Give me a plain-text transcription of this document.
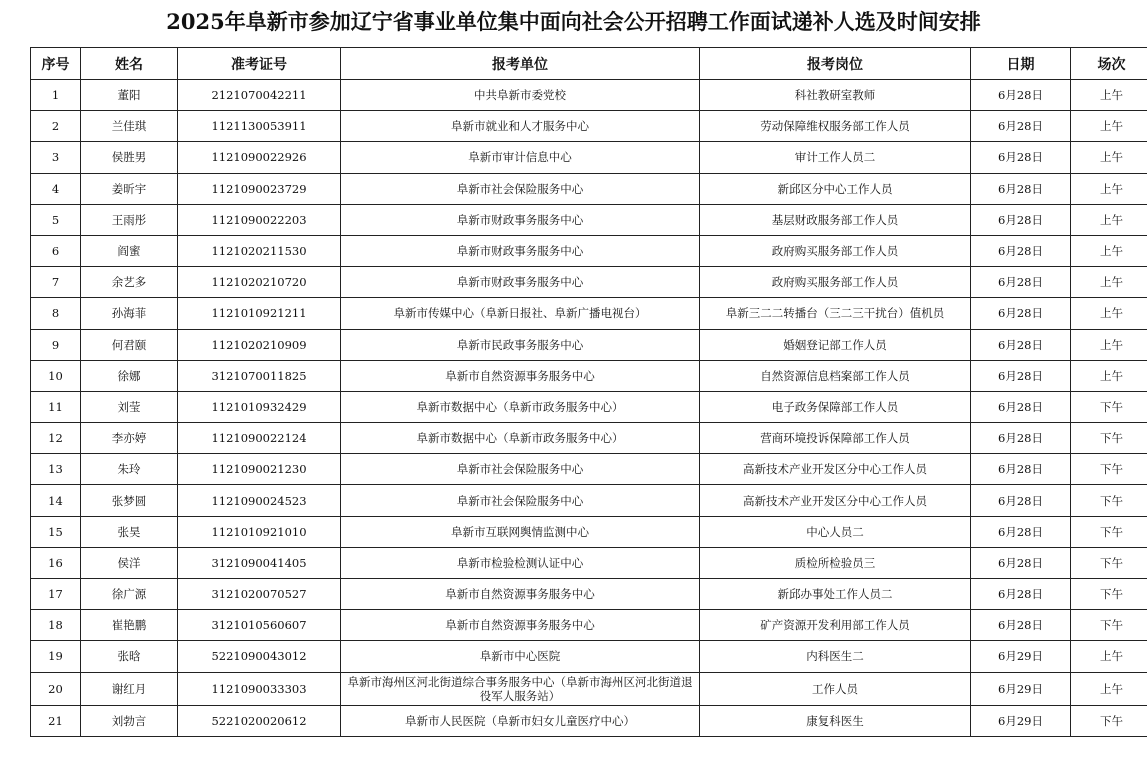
2025年阜新市参加辽宁省事业单位集中面向社会公开招聘工作面试递补人选及时间安排
序号	姓名	准考证号	报考单位	报考岗位	日期	场次
1	董阳	2121070042211	中共阜新市委党校	科社教研室教师	6月28日	上午
2	兰佳琪	1121130053911	阜新市就业和人才服务中心	劳动保障维权服务部工作人员	6月28日	上午
3	侯胜男	1121090022926	阜新市审计信息中心	审计工作人员二	6月28日	上午
4	姜昕宇	1121090023729	阜新市社会保险服务中心	新邱区分中心工作人员	6月28日	上午
5	王雨彤	1121090022203	阜新市财政事务服务中心	基层财政服务部工作人员	6月28日	上午
6	阎蜜	1121020211530	阜新市财政事务服务中心	政府购买服务部工作人员	6月28日	上午
7	余艺多	1121020210720	阜新市财政事务服务中心	政府购买服务部工作人员	6月28日	上午
8	孙海菲	1121010921211	阜新市传媒中心（阜新日报社、阜新广播电视台）	阜新三二二转播台（三二三干扰台）值机员	6月28日	上午
9	何君颐	1121020210909	阜新市民政事务服务中心	婚姻登记部工作人员	6月28日	上午
10	徐娜	3121070011825	阜新市自然资源事务服务中心	自然资源信息档案部工作人员	6月28日	上午
11	刘莹	1121010932429	阜新市数据中心（阜新市政务服务中心）	电子政务保障部工作人员	6月28日	下午
12	李亦婷	1121090022124	阜新市数据中心（阜新市政务服务中心）	营商环境投诉保障部工作人员	6月28日	下午
13	朱玲	1121090021230	阜新市社会保险服务中心	高新技术产业开发区分中心工作人员	6月28日	下午
14	张梦圆	1121090024523	阜新市社会保险服务中心	高新技术产业开发区分中心工作人员	6月28日	下午
15	张昊	1121010921010	阜新市互联网舆情监测中心	中心人员二	6月28日	下午
16	侯洋	3121090041405	阜新市检验检测认证中心	质检所检验员三	6月28日	下午
17	徐广源	3121020070527	阜新市自然资源事务服务中心	新邱办事处工作人员二	6月28日	下午
18	崔艳鹏	3121010560607	阜新市自然资源事务服务中心	矿产资源开发利用部工作人员	6月28日	下午
19	张晗	5221090043012	阜新市中心医院	内科医生二	6月29日	上午
20	谢红月	1121090033303	阜新市海州区河北街道综合事务服务中心（阜新市海州区河北街道退役军人服务站）	工作人员	6月29日	上午
21	刘勃言	5221020020612	阜新市人民医院（阜新市妇女儿童医疗中心）	康复科医生	6月29日	下午
